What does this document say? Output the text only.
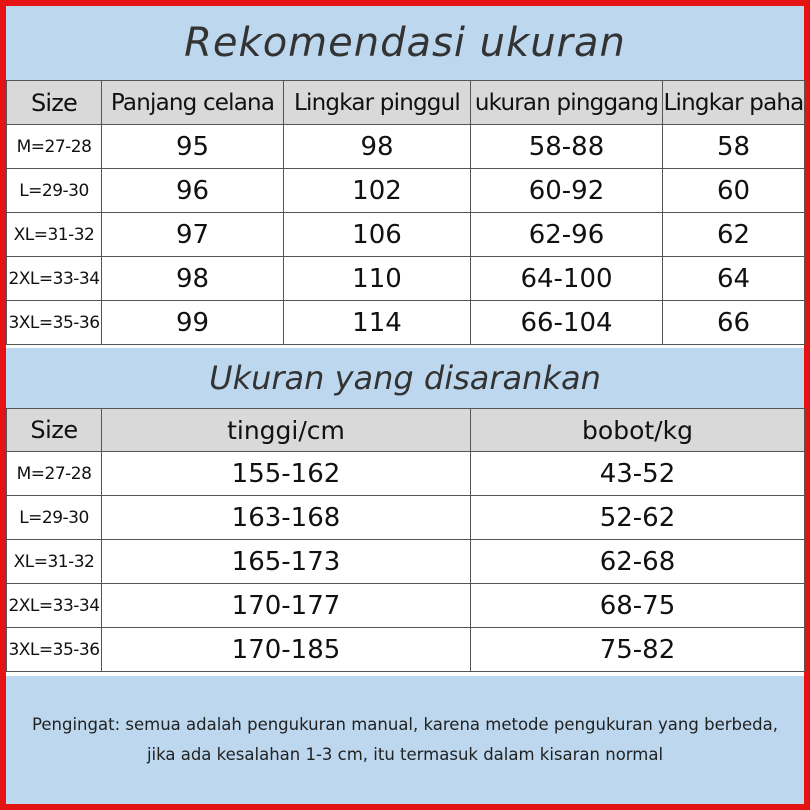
Rekomendasi ukuran
Size	Panjang celana	Lingkar pinggul	ukuran pinggang	Lingkar paha
M=27-28	95	98	58-88	58
L=29-30	96	102	60-92	60
XL=31-32	97	106	62-96	62
2XL=33-34	98	110	64-100	64
3XL=35-36	99	114	66-104	66
Ukuran yang disarankan
Size	tinggi/cm	bobot/kg
M=27-28	155-162	43-52
L=29-30	163-168	52-62
XL=31-32	165-173	62-68
2XL=33-34	170-177	68-75
3XL=35-36	170-185	75-82
Pengingat: semua adalah pengukuran manual, karena metode pengukuran yang berbeda, jika ada kesalahan 1-3 cm, itu termasuk dalam kisaran normal
